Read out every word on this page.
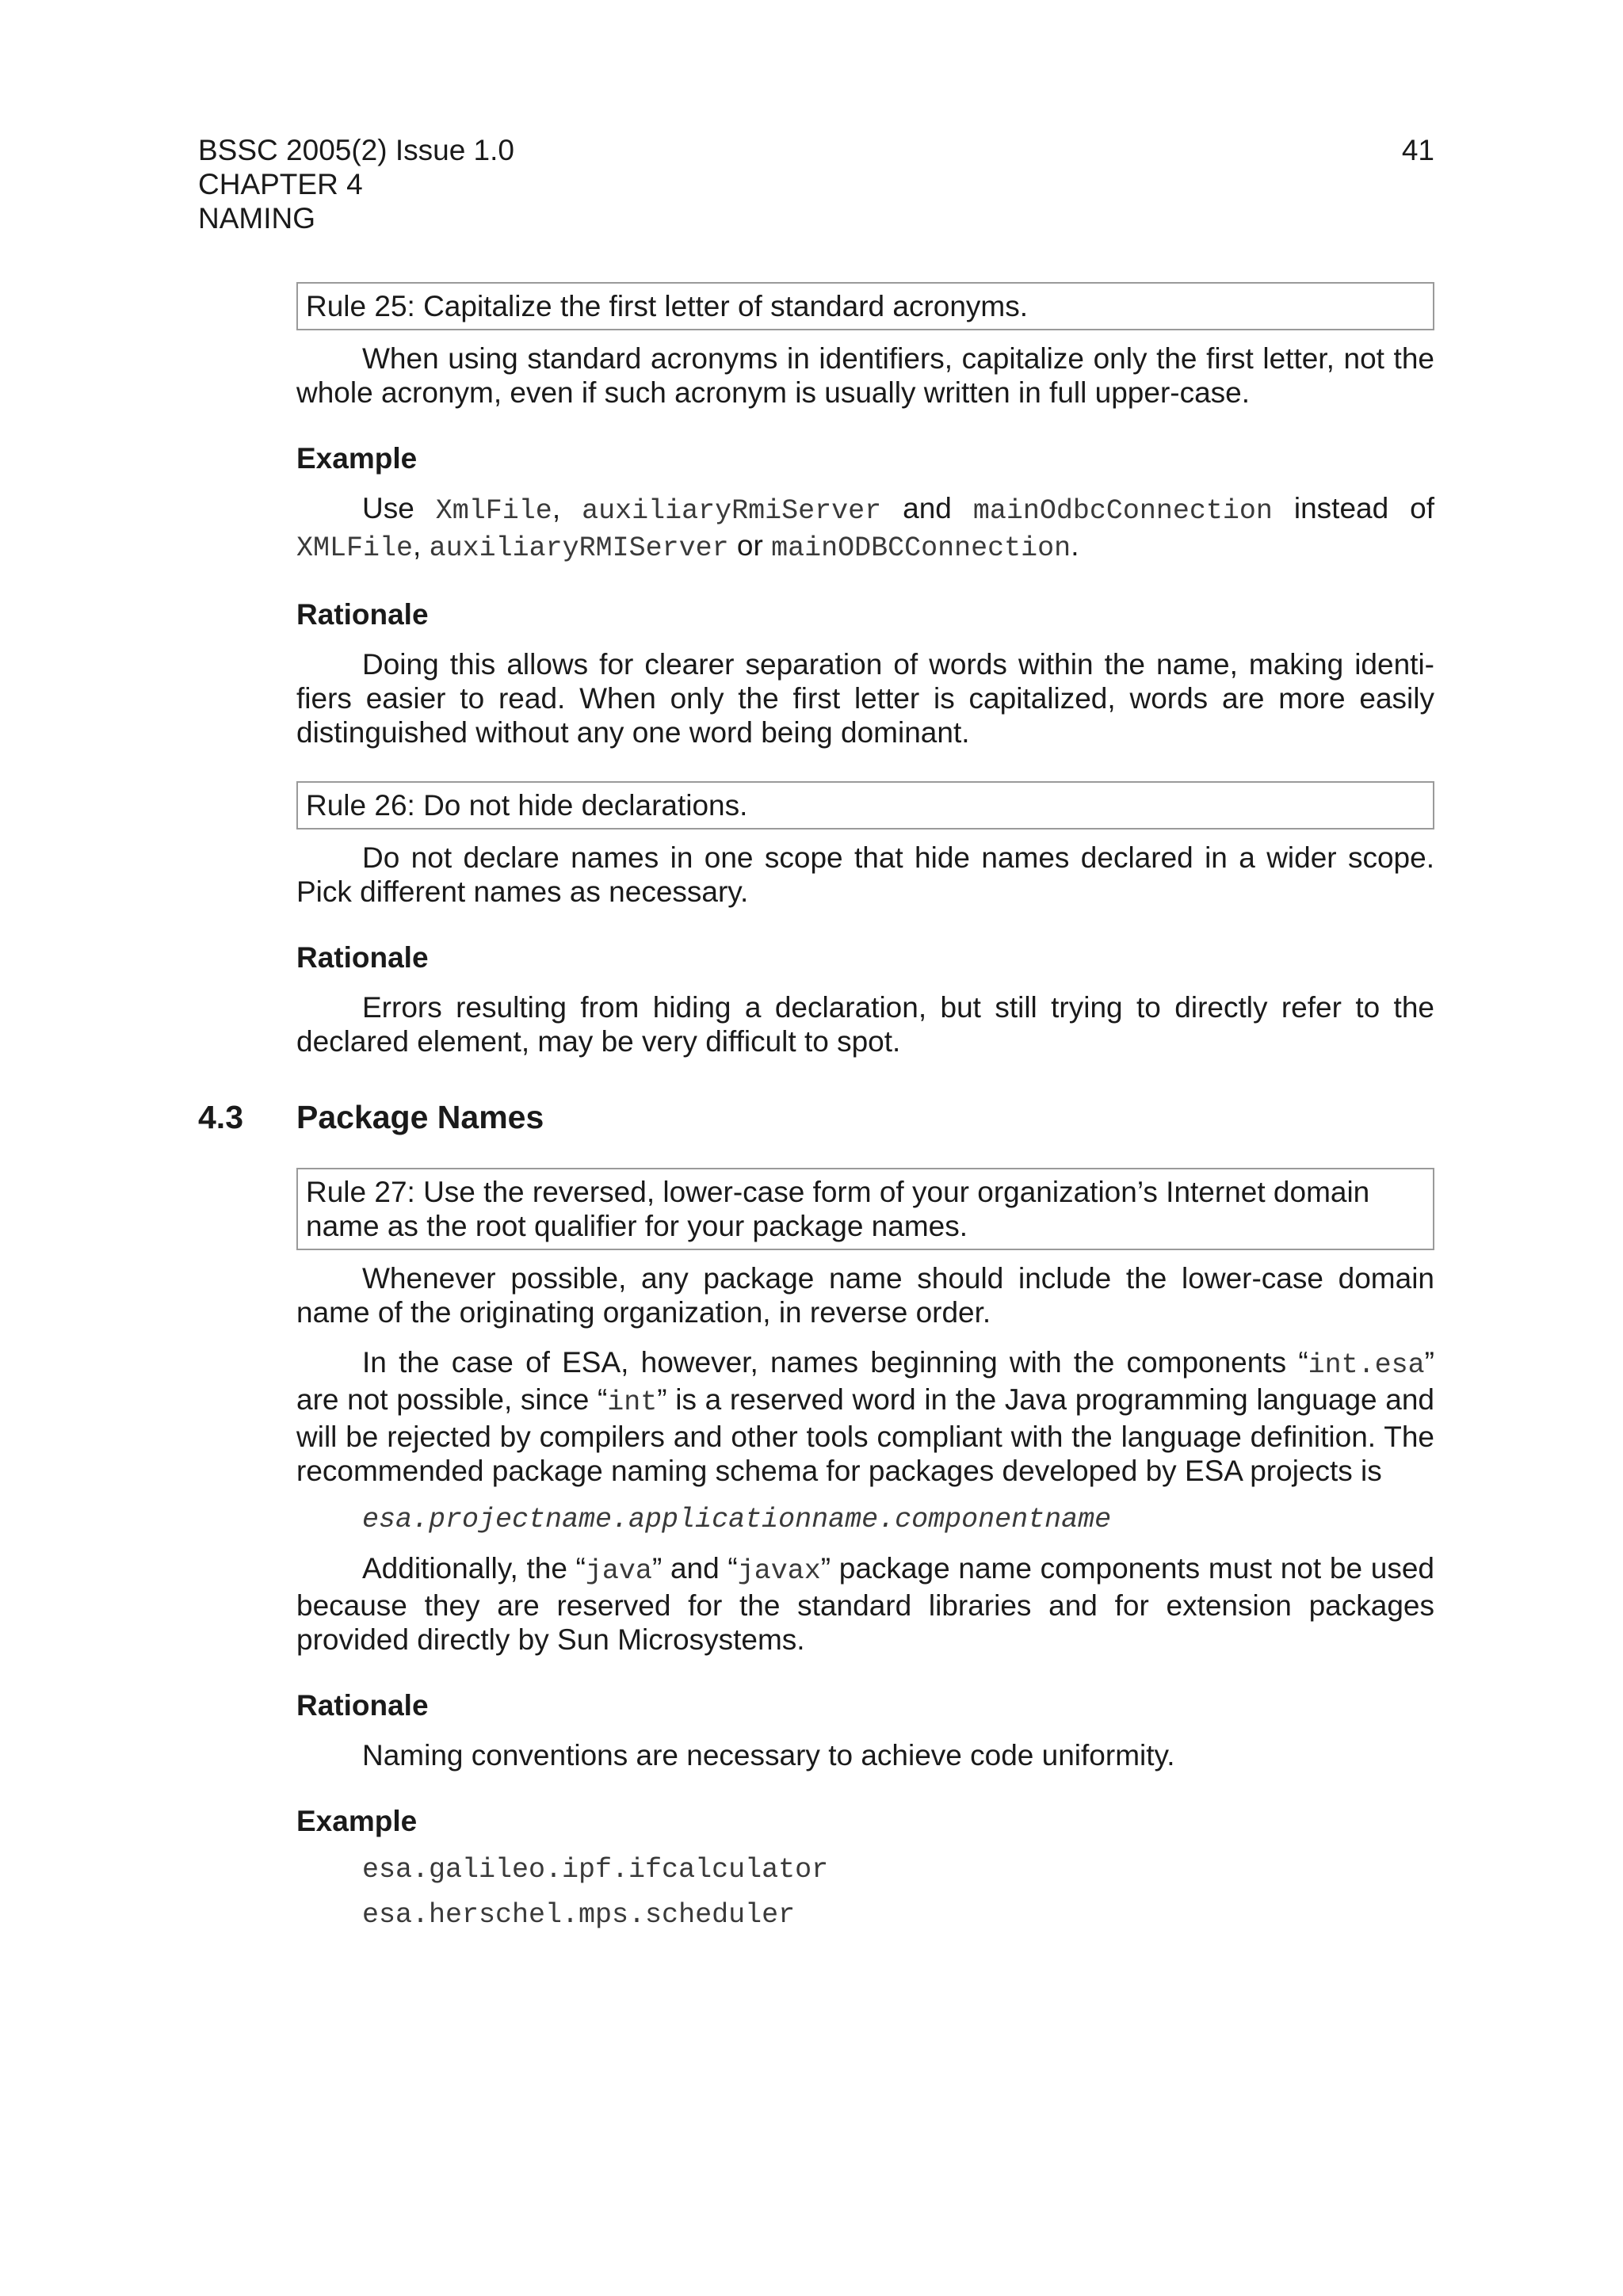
BSSC 2005(2) Issue 1.0
CHAPTER 4
NAMING
41
Rule 25: Capitalize the first letter of standard acronyms.

When using standard acronyms in identifiers, capitalize only the first letter, not the whole acronym, even if such acronym is usually written in full upper-case.

Example

Use XmlFile, auxiliaryRmiServer and mainOdbcConnection instead of XMLFile, auxiliaryRMIServer or mainODBCConnection.

Rationale

Doing this allows for clearer separation of words within the name, making identifiers easier to read. When only the first letter is capitalized, words are more easily distinguished without any one word being dominant.

Rule 26: Do not hide declarations.

Do not declare names in one scope that hide names declared in a wider scope. Pick different names as necessary.

Rationale

Errors resulting from hiding a declaration, but still trying to directly refer to the declared element, may be very difficult to spot.

4.3 Package Names
Rule 27: Use the reversed, lower-case form of your organization’s Internet domain name as the root qualifier for your package names.

Whenever possible, any package name should include the lower-case domain name of the originating organization, in reverse order.

In the case of ESA, however, names beginning with the components “int.esa” are not possible, since “int” is a reserved word in the Java programming language and will be rejected by compilers and other tools compliant with the language definition. The recommended package naming schema for packages developed by ESA projects is

esa.projectname.applicationname.componentname

Additionally, the “java” and “javax” package name components must not be used because they are reserved for the standard libraries and for extension packages provided directly by Sun Microsystems.

Rationale

Naming conventions are necessary to achieve code uniformity.

Example
esa.galileo.ipf.ifcalculator
esa.herschel.mps.scheduler
